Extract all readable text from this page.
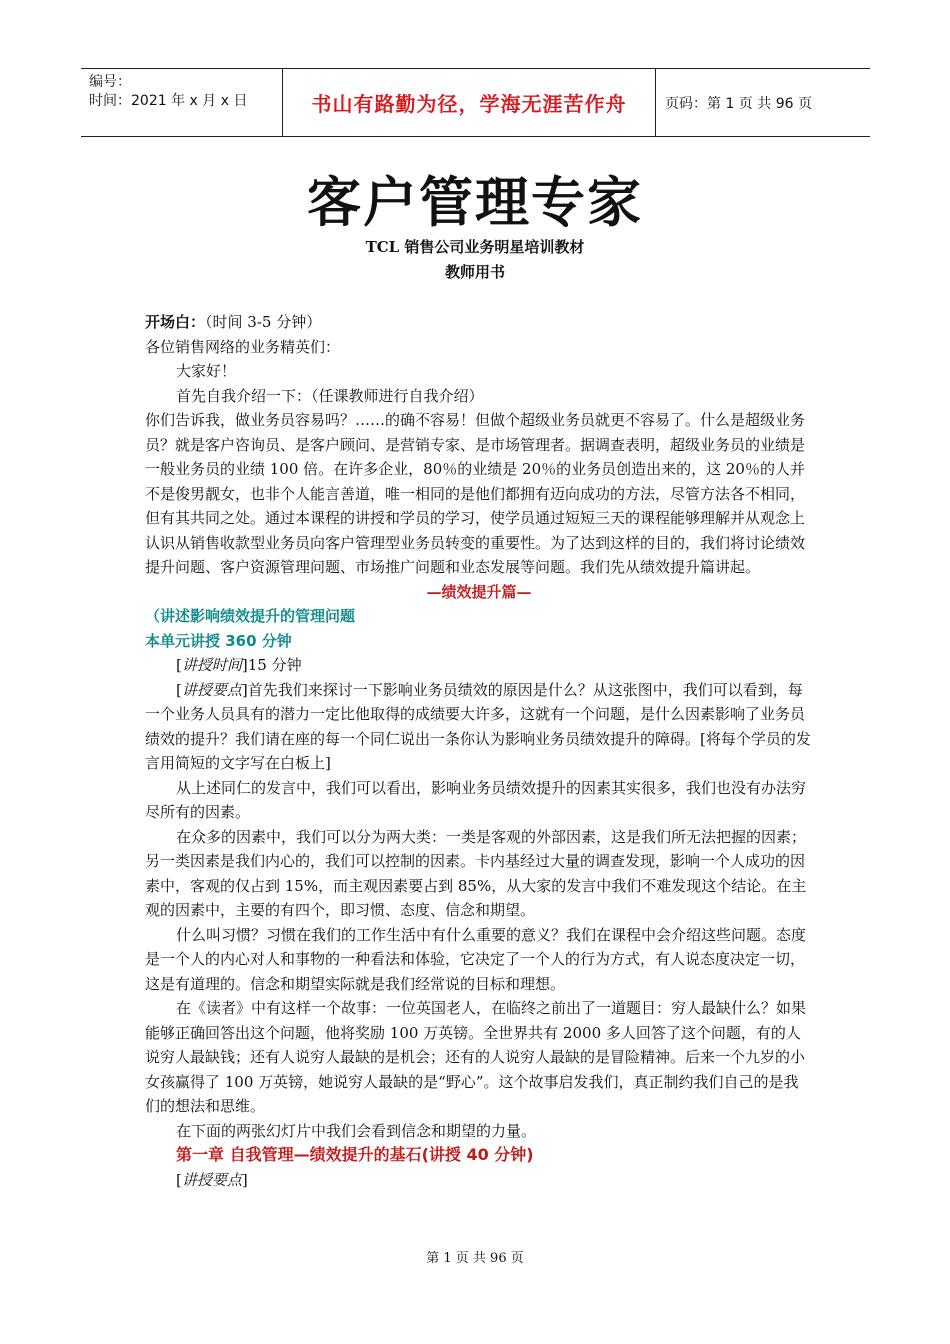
编号：
时间：2021 年 x 月 x 日	书山有路勤为径，学海无涯苦作舟	页码：第 1 页 共 96 页
客户管理专家
TCL 销售公司业务明星培训教材
教师用书

开场白：（时间 3-5 分钟）

各位销售网络的业务精英们：

大家好！

首先自我介绍一下：（任课教师进行自我介绍）

你们告诉我，做业务员容易吗？……的确不容易！但做个超级业务员就更不容易了。什么是超级业务员？就是客户咨询员、是客户顾问、是营销专家、是市场管理者。据调查表明，超级业务员的业绩是一般业务员的业绩 100 倍。在许多企业，80％的业绩是 20％的业务员创造出来的，这 20％的人并不是俊男靓女，也非个人能言善道，唯一相同的是他们都拥有迈向成功的方法，尽管方法各不相同，但有其共同之处。通过本课程的讲授和学员的学习，使学员通过短短三天的课程能够理解并从观念上认识从销售收款型业务员向客户管理型业务员转变的重要性。为了达到这样的目的，我们将讨论绩效提升问题、客户资源管理问题、市场推广问题和业态发展等问题。我们先从绩效提升篇讲起。

—绩效提升篇—

（讲述影响绩效提升的管理问题

本单元讲授 360 分钟

[讲授时间]15 分钟

[讲授要点]首先我们来探讨一下影响业务员绩效的原因是什么？从这张图中，我们可以看到，每一个业务人员具有的潜力一定比他取得的成绩要大许多，这就有一个问题，是什么因素影响了业务员绩效的提升？我们请在座的每一个同仁说出一条你认为影响业务员绩效提升的障碍。[将每个学员的发言用简短的文字写在白板上]

从上述同仁的发言中，我们可以看出，影响业务员绩效提升的因素其实很多，我们也没有办法穷尽所有的因素。

在众多的因素中，我们可以分为两大类：一类是客观的外部因素，这是我们所无法把握的因素；另一类因素是我们内心的，我们可以控制的因素。卡内基经过大量的调查发现，影响一个人成功的因素中，客观的仅占到 15%，而主观因素要占到 85%，从大家的发言中我们不难发现这个结论。在主观的因素中，主要的有四个，即习惯、态度、信念和期望。

什么叫习惯？习惯在我们的工作生活中有什么重要的意义？我们在课程中会介绍这些问题。态度是一个人的内心对人和事物的一种看法和体验，它决定了一个人的行为方式，有人说态度决定一切，这是有道理的。信念和期望实际就是我们经常说的目标和理想。

在《读者》中有这样一个故事：一位英国老人，在临终之前出了一道题目：穷人最缺什么？如果能够正确回答出这个问题，他将奖励 100 万英镑。全世界共有 2000 多人回答了这个问题，有的人说穷人最缺钱；还有人说穷人最缺的是机会；还有的人说穷人最缺的是冒险精神。后来一个九岁的小女孩赢得了 100 万英镑，她说穷人最缺的是“野心”。这个故事启发我们，真正制约我们自己的是我们的想法和思维。

在下面的两张幻灯片中我们会看到信念和期望的力量。

第一章 自我管理—绩效提升的基石(讲授 40 分钟)

[讲授要点]

第 1 页 共 96 页
